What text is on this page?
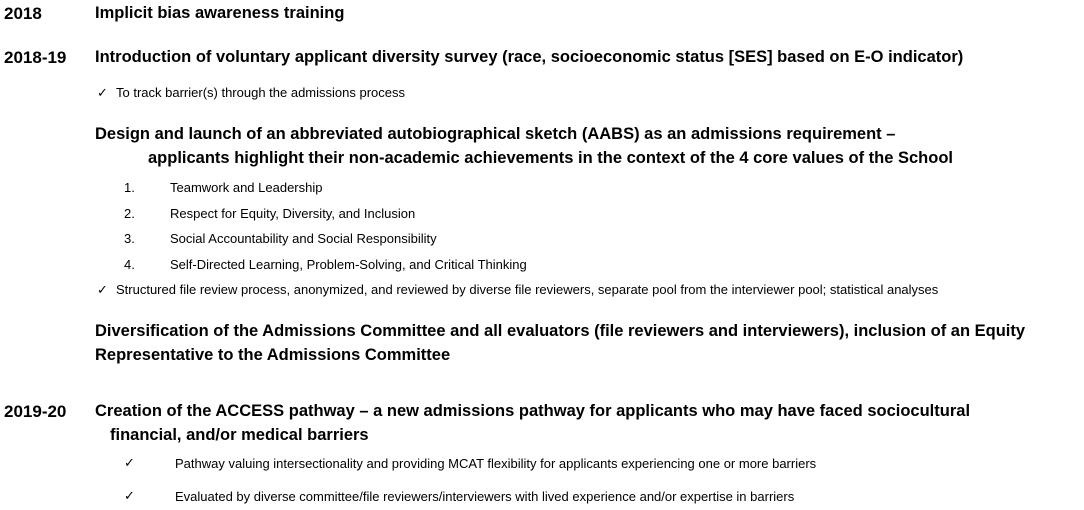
2018	Implicit bias awareness training
2018-19 Introduction of voluntary applicant diversity survey (race, socioeconomic status [SES] based on E-O indicator)
✓ To track barrier(s) through the admissions process
Design and launch of an abbreviated autobiographical sketch (AABS) as an admissions requirement –
applicants highlight their non-academic achievements in the context of the 4 core values of the School
1.	Teamwork and Leadership
2.	Respect for Equity, Diversity, and Inclusion
3.	Social Accountability and Social Responsibility
4.	Self-Directed Learning, Problem-Solving, and Critical Thinking
✓ Structured file review process, anonymized, and reviewed by diverse file reviewers, separate pool from the interviewer pool; statistical analyses
Diversification of the Admissions Committee and all evaluators (file reviewers and interviewers), inclusion of an Equity
Representative to the Admissions Committee
2019-20 Creation of the ACCESS pathway – a new admissions pathway for applicants who may have faced sociocultural
financial, and/or medical barriers
✓	Pathway valuing intersectionality and providing MCAT flexibility for applicants experiencing one or more barriers
✓	Evaluated by diverse committee/file reviewers/interviewers with lived experience and/or expertise in barriers
